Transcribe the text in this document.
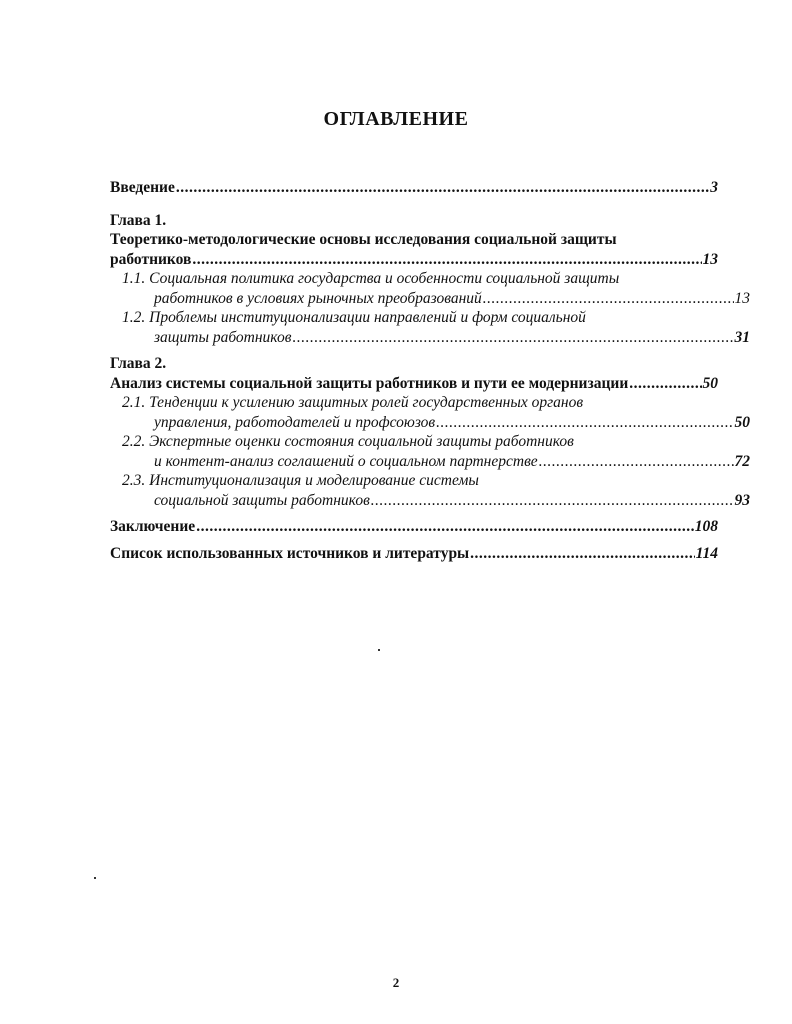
ОГЛАВЛЕНИЕ
Введение .....	3
Глава 1.
Теоретико-методологические основы исследования социальной защиты
работников .....	13
1.1. Социальная политика государства и особенности социальной защиты
работников в условиях рыночных преобразований .....	13
1.2. Проблемы институционализации направлений и форм социальной
защиты работников .....	31
Глава 2.
Анализ системы социальной защиты работников и пути ее модернизации .....	50
2.1. Тенденции к усилению защитных ролей государственных органов
управления, работодателей и профсоюзов .....	50
2.2. Экспертные оценки состояния социальной защиты работников
и контент-анализ соглашений о социальном партнерстве .....	72
2.3. Институционализация и моделирование системы
социальной защиты работников .....	93
Заключение .....	108
Список использованных источников и литературы .....	114
2
